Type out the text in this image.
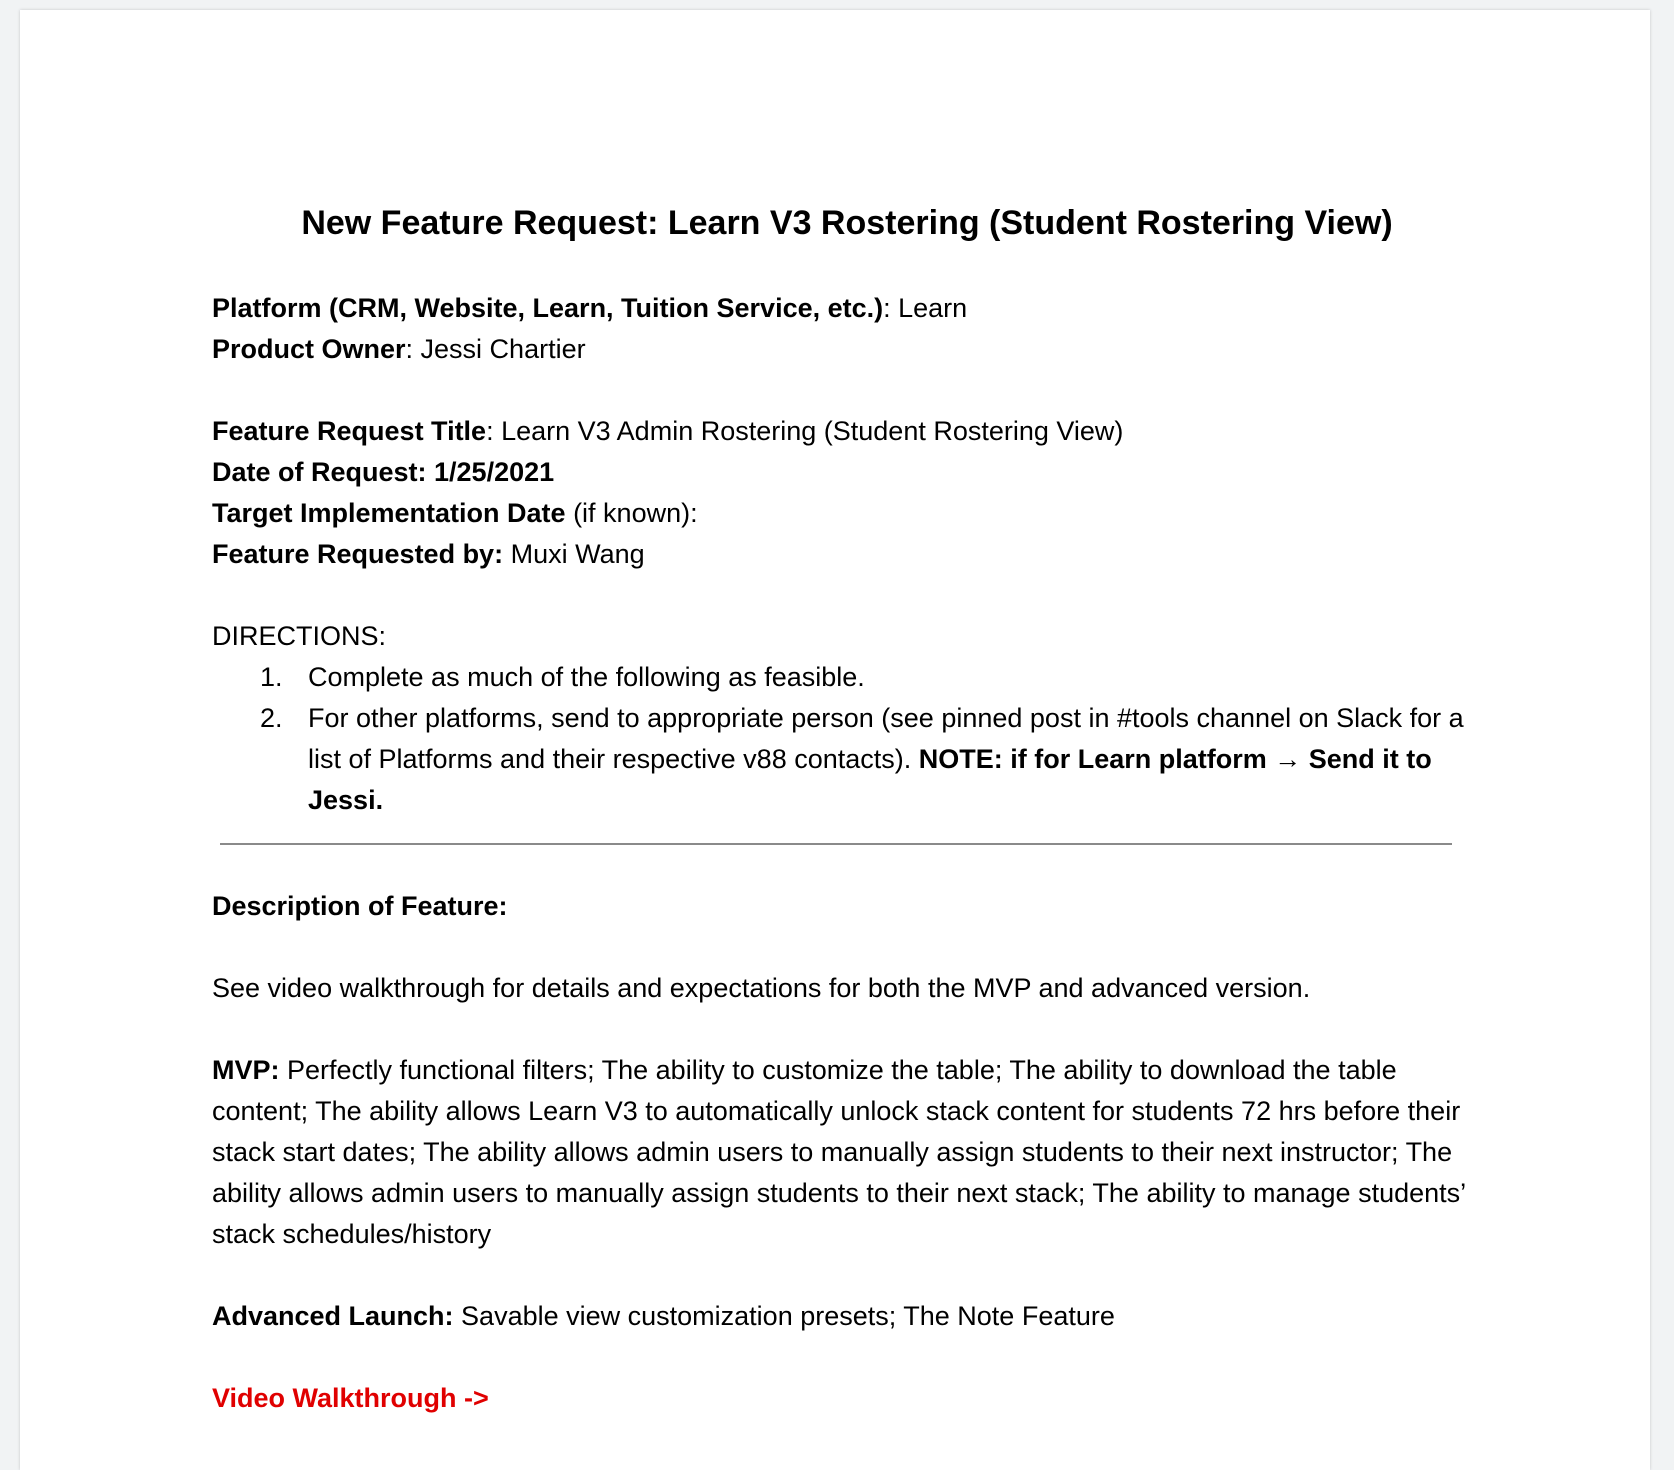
New Feature Request: Learn V3 Rostering (Student Rostering View)
Platform (CRM, Website, Learn, Tuition Service, etc.): Learn
Product Owner: Jessi Chartier
Feature Request Title: Learn V3 Admin Rostering (Student Rostering View)
Date of Request: 1/25/2021
Target Implementation Date (if known):
Feature Requested by: Muxi Wang
DIRECTIONS:
1. Complete as much of the following as feasible.
2. For other platforms, send to appropriate person (see pinned post in #tools channel on Slack for a list of Platforms and their respective v88 contacts). NOTE: if for Learn platform → Send it to Jessi.
Description of Feature:
See video walkthrough for details and expectations for both the MVP and advanced version.
MVP: Perfectly functional filters; The ability to customize the table; The ability to download the table content; The ability allows Learn V3 to automatically unlock stack content for students 72 hrs before their stack start dates; The ability allows admin users to manually assign students to their next instructor; The ability allows admin users to manually assign students to their next stack; The ability to manage students’ stack schedules/history
Advanced Launch: Savable view customization presets; The Note Feature
Video Walkthrough ->
